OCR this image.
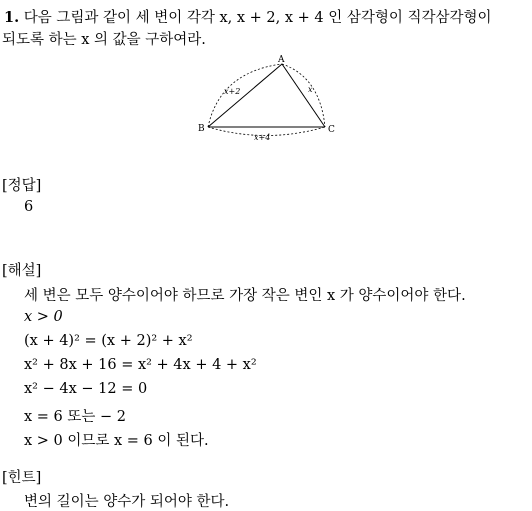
1. 다음 그림과 같이 세 변이 각각 x, x + 2, x + 4 인 삼각형이 직각삼각형이
되도록 하는 x 의 값을 구하여라.
A
B	C
x+2	x
x+4
[정답]
6
[해설]
세 변은 모두 양수이어야 하므로 가장 작은 변인 x 가 양수이어야 한다.
x > 0
(x + 4)² = (x + 2)² + x²
x² + 8x + 16 = x² + 4x + 4 + x²
x² − 4x − 12 = 0
x = 6 또는 − 2
x > 0 이므로 x = 6 이 된다.
[힌트]
변의 길이는 양수가 되어야 한다.
